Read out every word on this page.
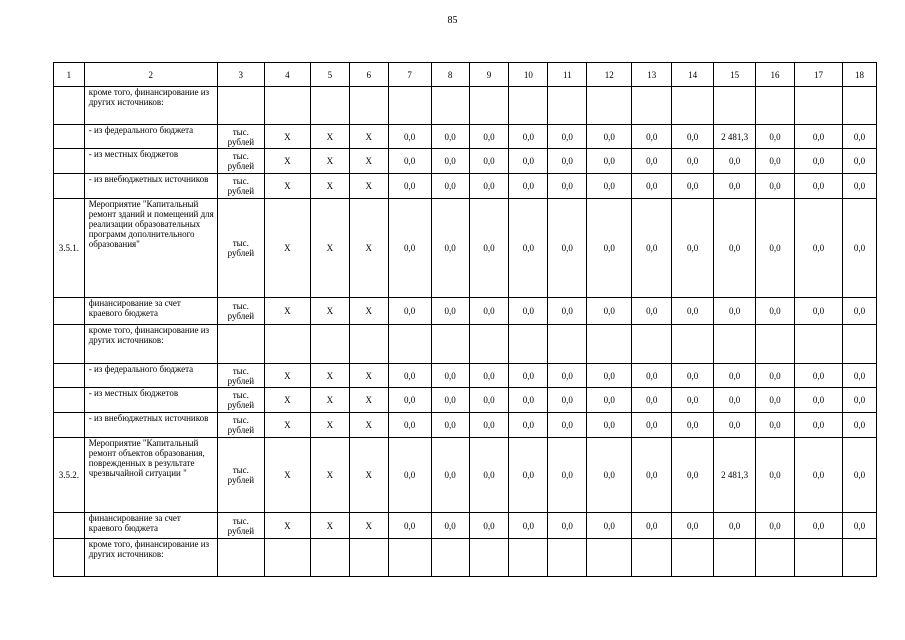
85
1	2	3	4	5	6	7	8	9	10	11	12	13	14	15	16	17	18
	кроме того, финансирование из других источников:																
	- из федерального бюджета	тыс. рублей	X	X	X	0,0	0,0	0,0	0,0	0,0	0,0	0,0	0,0	2 481,3	0,0	0,0	0,0
	- из местных бюджетов	тыс. рублей	X	X	X	0,0	0,0	0,0	0,0	0,0	0,0	0,0	0,0	0,0	0,0	0,0	0,0
	- из внебюджетных источников	тыс. рублей	X	X	X	0,0	0,0	0,0	0,0	0,0	0,0	0,0	0,0	0,0	0,0	0,0	0,0
3.5.1.	Мероприятие "Капитальный ремонт зданий и помещений для реализации образовательных программ дополнительного образования"	тыс. рублей	X	X	X	0,0	0,0	0,0	0,0	0,0	0,0	0,0	0,0	0,0	0,0	0,0	0,0
	финансирование за счет краевого бюджета	тыс. рублей	X	X	X	0,0	0,0	0,0	0,0	0,0	0,0	0,0	0,0	0,0	0,0	0,0	0,0
	кроме того, финансирование из других источников:																
	- из федерального бюджета	тыс. рублей	X	X	X	0,0	0,0	0,0	0,0	0,0	0,0	0,0	0,0	0,0	0,0	0,0	0,0
	- из местных бюджетов	тыс. рублей	X	X	X	0,0	0,0	0,0	0,0	0,0	0,0	0,0	0,0	0,0	0,0	0,0	0,0
	- из внебюджетных источников	тыс. рублей	X	X	X	0,0	0,0	0,0	0,0	0,0	0,0	0,0	0,0	0,0	0,0	0,0	0,0
3.5.2.	Мероприятие "Капитальный ремонт объектов образования, поврежденных в результате чрезвычайной ситуации "	тыс. рублей	X	X	X	0,0	0,0	0,0	0,0	0,0	0,0	0,0	0,0	2 481,3	0,0	0,0	0,0
	финансирование за счет краевого бюджета	тыс. рублей	X	X	X	0,0	0,0	0,0	0,0	0,0	0,0	0,0	0,0	0,0	0,0	0,0	0,0
	кроме того, финансирование из других источников:																
